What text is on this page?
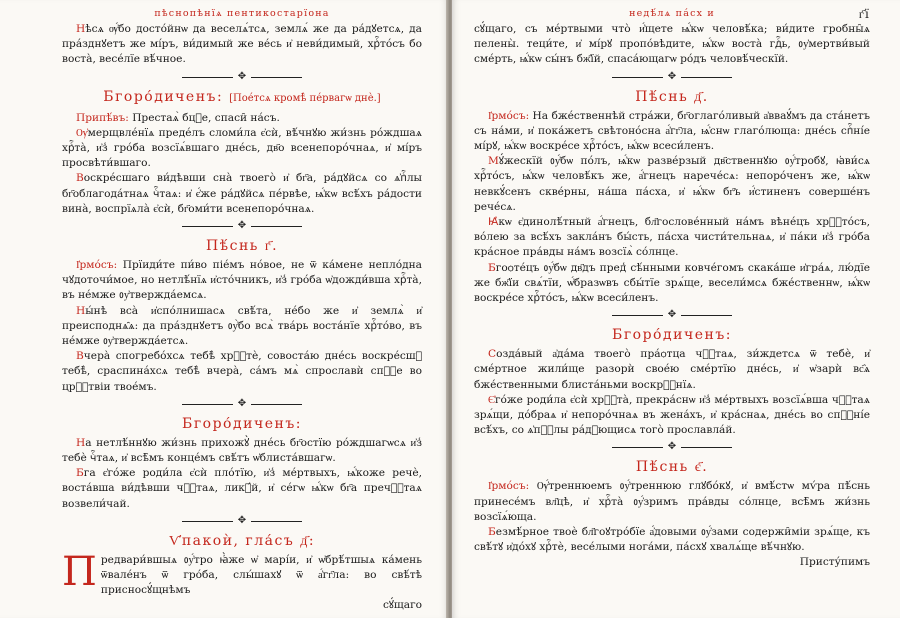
пѣснопѣнїѧ пентикостарїона

Нѣсѧ ѹ҆́бо досто́йнѡ да веселѧ́тсѧ, землѧ́ же да ра́дꙋетсѧ, да пра́зднꙋетъ же мі́ръ, ви́димый же ве́сь и҆ неви́димый, хрⷭ҇то́съ бо воста̀, весе́лїе вѣ́чное.

✥
Бгоро́диченъ: [Пое́тсѧ кромѣ̀ пе́рвагѡ днѐ.]

Припѣ́въ: Престаѧ̀ бцⷣе, спаси̑ на́съ.

Ѹ҆мерщвле́нїѧ преде́лъ сломи́ла є҆сѝ, вѣ́чнꙋю жи́знь ро́ждшаѧ хрⷭ҇та̀, и҆з̾ гро́ба возсїѧ́вшаго дне́сь, дв҃о всенепоро́чнаѧ, и҆ мі́ръ просвѣти́вшаго.

Воскре́сшаго ви́дѣвши сна̀ твоего̀ и҆ бг҃а, ра́дꙋйсѧ со ѧ҆пⷭ҇лы бг҃облагода́тнаѧ чⷭ҇таѧ: и҆ є҆́же ра́дꙋйсѧ пе́рвѣе, ѩ҆́кѡ всѣ́хъ ра́дости вина̀, воспрїѧла̀ є҆сѝ, бг҃оми́ти всенепоро́чнаѧ.

✥
Пѣ́снь г҃.

І҆рмо́съ: Прїиди́те пи́во піе́мъ но́вое, не ѿ ка́мене непло́дна чꙋдоточи́мое, но нетлѣ́нїѧ и҆сто́чникъ, и҆з̾ гро́ба ѡ҆дожди́вша хрⷭ҇та̀, въ не́мже ᲂу҆твержда́емсѧ.

Ны́нѣ вса̀ и҆спо́лнишасѧ свѣ́та, не́бо же и҆ землѧ̀ и҆ преисподнѧ̑ѧ: да пра́зднꙋетъ ᲂу҆̀бо всѧ̀ тва́рь воста́нїе хрⷭ҇то́во, въ не́мже ᲂу҆твержда́етсѧ.

Вчера̀ спогребо́хсѧ тебѣ̀ хрⷭ҇тѐ, совоста́ю дне́сь воскре́сшꙋ тебѣ̀, сраспина́хсѧ тебѣ̀ вчера̀, са́мъ мѧ̀ спрославѝ спⷭ҇е во црⷭ҇твіи твое́мъ.

✥
Бгоро́диченъ:

На нетлѣ́ннꙋю жи́знь прихожꙋ̀ дне́сь бг҃остїю ро́ждшагѡсѧ и҆з̾ тебѐ чⷭ҇таѧ, и҆ всѣ̑мъ конце́мъ свѣ́тъ ѡ҆блиста́вшагѡ.

Бга є҆го́же роди́ла є҆сѝ пло́тїю, и҆з̾ ме́ртвыхъ, ѩ҆́коже речѐ, воста́вша ви́дѣвши чⷭ҇таѧ, ликꙋ́й, и҆ се́гѡ ѩ҆́кѡ бг҃а пречⷭ҇таѧ возвели́чай.

✥
Ѵ҆пакоѝ, гла́съ д҃:

Предвари́вшыѧ ᲂу҆́тро ꙗ҆̀же ѡ҆ марі́и, и҆ ѡ҆брѣ́тшыѧ ка́мень ѿвале́нъ ѿ гро́ба, слы́шахꙋ ѿ а҆́гг҃ла: во свѣ́тѣ присносꙋ́щнѣмъ

сꙋ́щаго

недѣ́лѧ па́сх и	г҃ї

сꙋ́щаго, съ ме́ртвыми что̀ и҆́щете ѩ҆́кѡ человѣ́ка; ви́дите гробны̑ѧ пелены̀. теци́те, и҆ мі́рꙋ пропо́вѣдите, ѩ҆́кѡ воста̀ гдⷭ҇ь, ᲂу҆мертви́вый сме́рть, ѩ҆́кѡ сы́нъ бж҃їй, спаса́ющагѡ ро́дъ человѣ́ческїй.

✥
Пѣ́снь д҃.

І҆рмо́съ: На бже́ственнѣй стра́жи, бг҃оглаго́ливый а҆вваꙋ́мъ да ста́нетъ съ на́ми, и҆ пока́жетъ свѣтоно́сна а҆́гг҃ла, ѩ҆́снѡ глаго́люща: дне́сь спⷭ҇ні́е мі́рꙋ, ѩ҆́кѡ воскре́се хрⷭ҇то́съ, ѩ҆́кѡ всеси́ленъ.

Мꙋ́жескїй ᲂу҆́бѡ по́лъ, ѩ҆́кѡ разве́рзый дв҃ственнꙋю ᲂу҆́тробꙋ, ꙗ҆ви́сѧ хрⷭ҇то́съ, ѩ҆́кѡ человѣ́къ же, а҆́гнецъ нарече́сѧ: непоро́ченъ же, ѩ҆́кѡ невкꙋ́сенъ скве́рны, на́ша па́сха, и҆ ѩ҆́кѡ бг҃ъ и҆́стиненъ соверше́нъ рече́сѧ.

Ꙗ҆кѡ є҆динолѣ́тный а҆́гнецъ, бл҃гослове́нный на́мъ вѣне́цъ хрⷭ҇то́съ, во́лею за всѣ́хъ закла́нъ бы́сть, па́сха чисти́тельнаѧ, и҆ па́ки и҆з̾ гро́ба кра́сное пра́вды на́мъ возсїѧ̀ со́лнце.

Бгоѻте́цъ ᲂу҆́бѡ дв҃дъ пред̾ сѣ́нными ковче́гомъ скака́ше и҆гра́ѧ, лю́дїе же бж҃їи свѧ́тїи, ѡ҆́бразѡвъ сбы́тїе зрѧ́ще, весели́мсѧ бже́ственнѡ, ѩ҆́кѡ воскре́се хрⷭ҇то́съ, ѩ҆́кѡ всеси́ленъ.

✥
Бгоро́диченъ:

Созда́вый а҆да́ма твоего̀ пра́ѻтца чⷭ҇таѧ, зи́ждетсѧ ѿ тебѐ, и҆ сме́ртное жили́ще разорѝ свое́ю сме́ртїю дне́сь, и҆ ѡ҆зарѝ вс҄ѧ бже́ственными блиста́ньми воскрⷭ҇нїѧ.

Є҆го́же роди́ла є҆сѝ хрⷭ҇та̀, прекра́снѡ и҆з̾ ме́ртвыхъ возсїѧ́вша чⷭ҇таѧ зрѧ́щи, до́браѧ и҆ непоро́чнаѧ въ жена́хъ, и҆ кра́снаѧ, дне́сь во спⷭ҇ні́е всѣ́хъ, со ѧ҆пⷭ҇лы ра́дꙋющисѧ того̀ прославла́й.

✥
Пѣ́снь є҃.

І҆рмо́съ: Ѹ҆́треннюемъ ᲂу҆́треннюю глꙋбо́кꙋ, и҆ вмѣ́стѡ мѵ́ра пѣ́снь принесе́мъ вл҃цѣ, и҆ хрⷭ҇та̀ ᲂу҆́зримъ пра́вды со́лнце, всѣ̑мъ жи́знь возсїѧ́юща.

Безмѣ́рное твоѐ бл҃гоꙋтро́бїе а҆́довыми ᲂу҆́зами содержи̑міи зрѧ́ще, къ свѣ́тꙋ и҆до́хꙋ хрⷭ҇тѐ, весе́лыми нога́ми, па́схꙋ хвалѧ́ще вѣ́чнꙋю.

Присту́пимъ
